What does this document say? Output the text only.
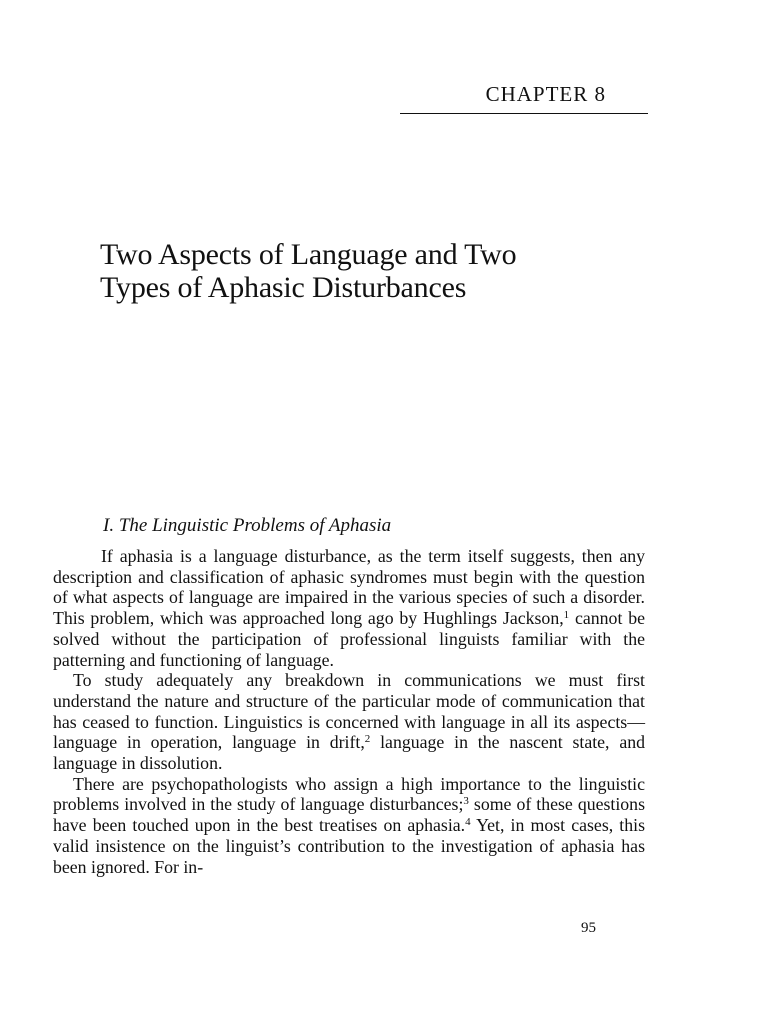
CHAPTER 8
Two Aspects of Language and Two
Types of Aphasic Disturbances
I. The Linguistic Problems of Aphasia

If aphasia is a language disturbance, as the term itself suggests, then any description and classification of aphasic syndromes must begin with the question of what aspects of language are impaired in the various species of such a disorder. This problem, which was approached long ago by Hughlings Jackson,$^1$ cannot be solved without the participation of professional linguists familiar with the patterning and functioning of language.

To study adequately any breakdown in communications we must first understand the nature and structure of the particular mode of communication that has ceased to function. Linguistics is concerned with language in all its aspects—language in operation, language in drift,$^2$ language in the nascent state, and language in dissolution.

There are psychopathologists who assign a high importance to the linguistic problems involved in the study of language disturbances;$^3$ some of these questions have been touched upon in the best treatises on aphasia.$^4$ Yet, in most cases, this valid insistence on the linguist’s contribution to the investigation of aphasia has been ignored. For in-

95
